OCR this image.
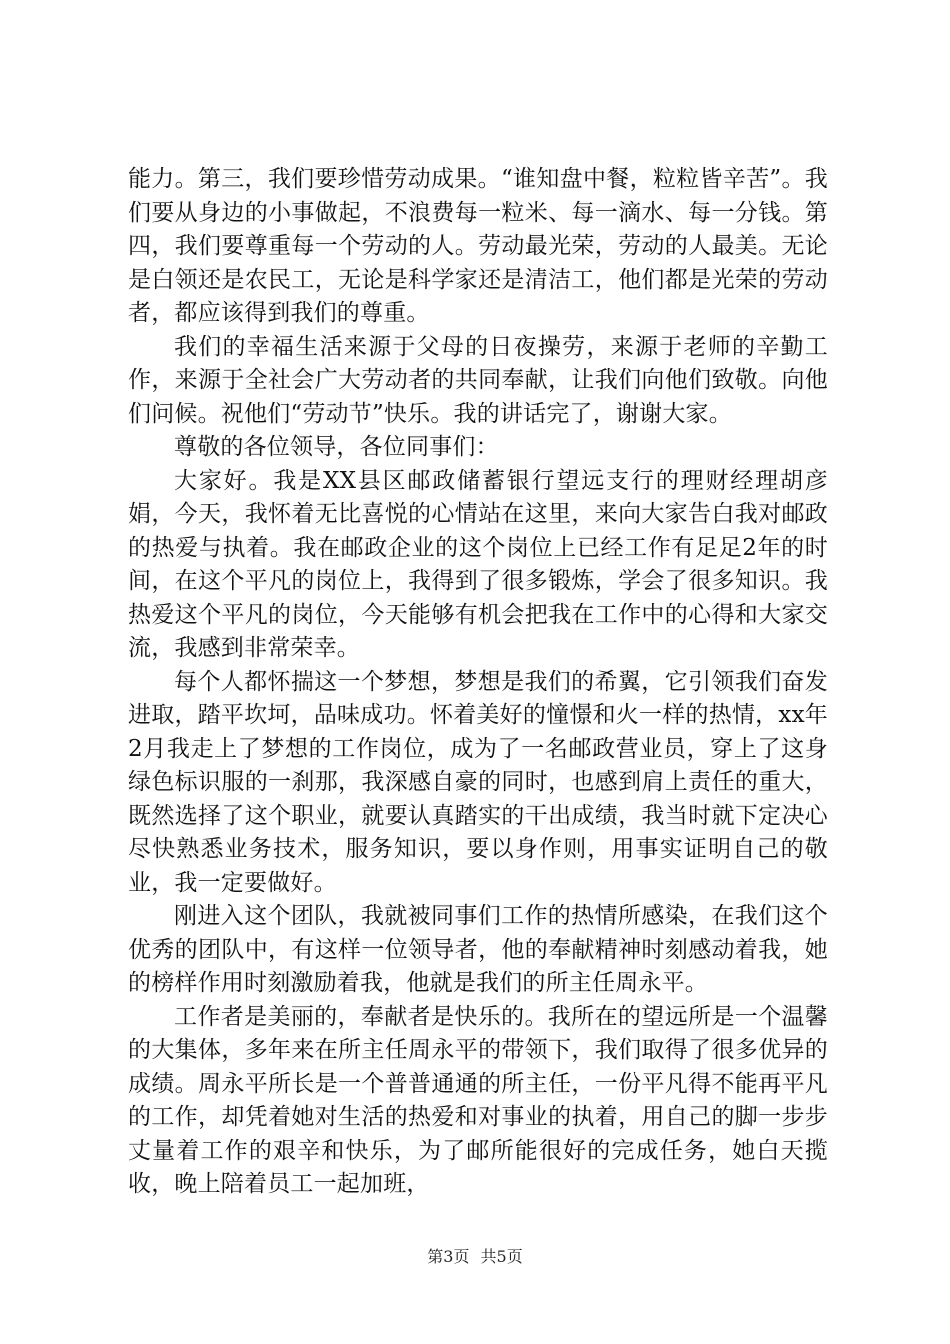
能力。第三，我们要珍惜劳动成果。“谁知盘中餐，粒粒皆辛苦”。我们要从身边的小事做起，不浪费每一粒米、每一滴水、每一分钱。第四，我们要尊重每一个劳动的人。劳动最光荣，劳动的人最美。无论是白领还是农民工，无论是科学家还是清洁工，他们都是光荣的劳动者，都应该得到我们的尊重。

我们的幸福生活来源于父母的日夜操劳，来源于老师的辛勤工作，来源于全社会广大劳动者的共同奉献，让我们向他们致敬。向他们问候。祝他们“劳动节”快乐。我的讲话完了，谢谢大家。

尊敬的各位领导，各位同事们：

大家好。我是XX县区邮政储蓄银行望远支行的理财经理胡彦娟，今天，我怀着无比喜悦的心情站在这里，来向大家告白我对邮政的热爱与执着。我在邮政企业的这个岗位上已经工作有足足2年的时间，在这个平凡的岗位上，我得到了很多锻炼，学会了很多知识。我热爱这个平凡的岗位，今天能够有机会把我在工作中的心得和大家交流，我感到非常荣幸。

每个人都怀揣这一个梦想，梦想是我们的希翼，它引领我们奋发进取，踏平坎坷，品味成功。怀着美好的憧憬和火一样的热情，xx年2月我走上了梦想的工作岗位，成为了一名邮政营业员，穿上了这身绿色标识服的一刹那，我深感自豪的同时，也感到肩上责任的重大，既然选择了这个职业，就要认真踏实的干出成绩，我当时就下定决心尽快熟悉业务技术，服务知识，要以身作则，用事实证明自己的敬业，我一定要做好。

刚进入这个团队，我就被同事们工作的热情所感染，在我们这个优秀的团队中，有这样一位领导者，他的奉献精神时刻感动着我，她的榜样作用时刻激励着我，他就是我们的所主任周永平。

工作者是美丽的，奉献者是快乐的。我所在的望远所是一个温馨的大集体，多年来在所主任周永平的带领下，我们取得了很多优异的成绩。周永平所长是一个普普通通的所主任，一份平凡得不能再平凡的工作，却凭着她对生活的热爱和对事业的执着，用自己的脚一步步丈量着工作的艰辛和快乐，为了邮所能很好的完成任务，她白天揽收，晚上陪着员工一起加班，

第3页 共5页
